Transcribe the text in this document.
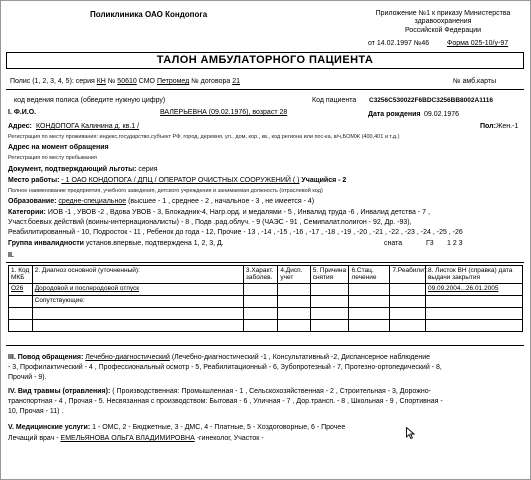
Поликлиника ОАО Кондопога	Приложение №1 к приказу Министерства
здравоохранения
Российской Федерации
от 14.02.1997 №46	Форма 025-10/у-97
ТАЛОН АМБУЛАТОРНОГО ПАЦИЕНТА
Полис (1, 2, 3, 4, 5): серия КН № 50610 СМО Петромед № договора 21	№ амб.карты
код ведения полиса (обведите нужную цифру)	Код пациента C3256C530022F6BDC3256BB8002A1116
I. Ф.И.О.	ВАЛЕРЬЕВНА (09.02.1976), возраст 28	Дата рождения 09.02.1976
Адрес: КОНДОПОГА Калинина д. кв.1 /	Пол: Жен.-1
Регистрация по месту проживания: индекс,государство,субъект РФ, город, деревня, ул., дом, кор., кв., код региона или пос-ка, в/ч,БОМЖ (400,401 и т.д.)
Адрес на момент обращения
Регистрация по месту пребывания
Документ, подтверждающий льготы: серия
Место работы: - 1 ОАО КОНДОПОГА / ДПЦ / ОПЕРАТОР ОЧИСТНЫХ СООРУЖЕНИЙ ( ) Учащийся - 2
Полное наименование предприятия, учебного заведения, детского учреждения и занимаемая должность (отраслевой код)
Образование: средне-специальное (высшее - 1 , среднее - 2 , начальное - 3 , не имеется - 4)
Категории: ИОВ -1 , УВОВ -2 , Вдова УВОВ - 3, Блокадник-4, Нагр.орд. и медалями - 5 , Инвалид труда -6 , Инвалид детства - 7 ,
Участ.боевых действий (воины-интернационалисты) - 8 , Подв .рад.облуч. - 9 (ЧАЭС - 91 , Семипалат.полигон - 92, Др. -93),
Реабилитированный - 10, Подросток - 11 , Ребенок до года - 12, Прочие - 13 , -14 , -15 , -16 , -17 , -18 , -19 , -20 , -21 , -22 , -23 , -24 , -25 , -26
Группа инвалидности установ.впервые, подтверждена 1, 2, 3, Д.	сната	Г3 1 2 3
II.
1. Код МКБ	2. Диагноз основной (уточненный):	3.Характ. заболев.	4.Дисп. учет	5. Причина снятия	6.Стац. лечение	7.Реабилит.	8. Листок ВН (справка) дата выдачи закрытия
O26	Дородовой и послеродовой отпуск						09.09.2004...26.01.2005
	Сопутствующие:						

III. Повод обращения: Лечебно-диагностический (Лечебно-диагностический -1 , Консультативный -2, Диспансерное наблюдение
- 3, Профилактический - 4 , Профессиональный осмотр - 5, Реабилитационный - 6, Зубопротезный - 7, Протезно-ортопедический - 8,
Прочий - 9).
IV. Вид травмы (отравления): ( Производственная: Промышленная - 1 , Сельскохозяйственная - 2 , Строительная - 3, Дорожно-
транспортная - 4 , Прочая - 5. Несвязанная с производством: Бытовая - 6 , Уличная - 7 , Дор.трансп. - 8 , Школьная - 9 , Спортивная -
10, Прочая - 11) .
V. Медицинские услуги: 1 - ОМС, 2 - Бюджетные, 3 - ДМС, 4 - Платные, 5 - Хоздоговорные, 6 - Прочее
Лечащий врач - ЕМЕЛЬЯНОВА ОЛЬГА ВЛАДИМИРОВНА -гинеколог, Участок -
